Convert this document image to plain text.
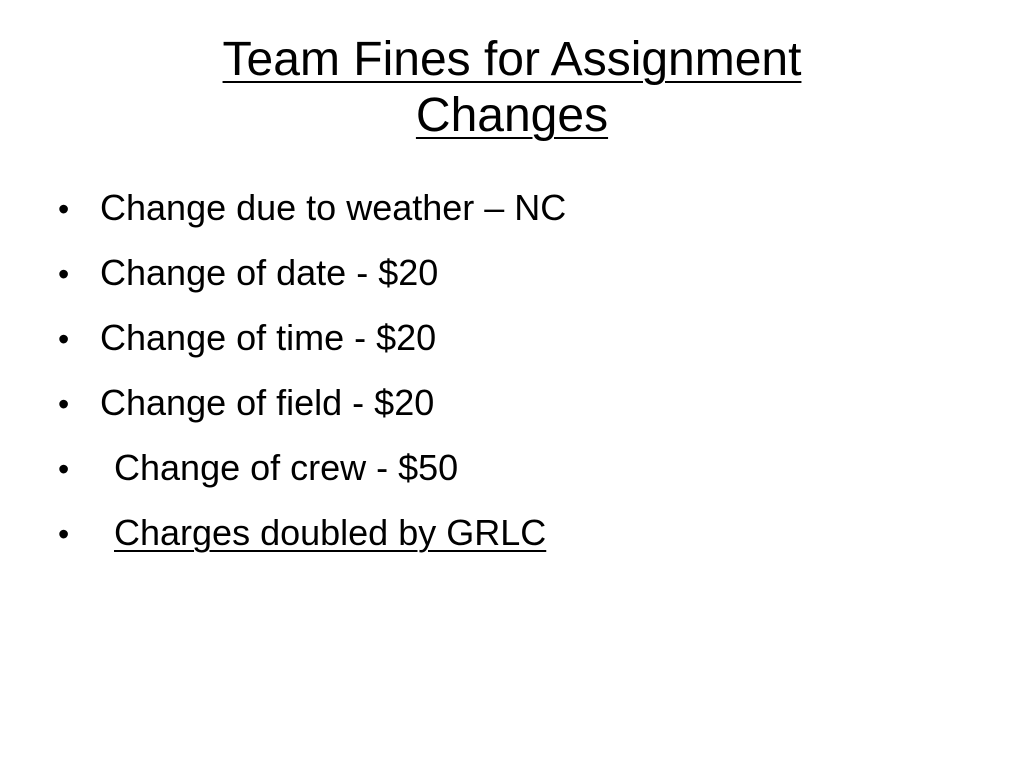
Team Fines for Assignment
Changes
• Change due to weather – NC
• Change of date - $20
• Change of time - $20
• Change of field - $20
•	Change of crew - $50
•	Charges doubled by GRLC
